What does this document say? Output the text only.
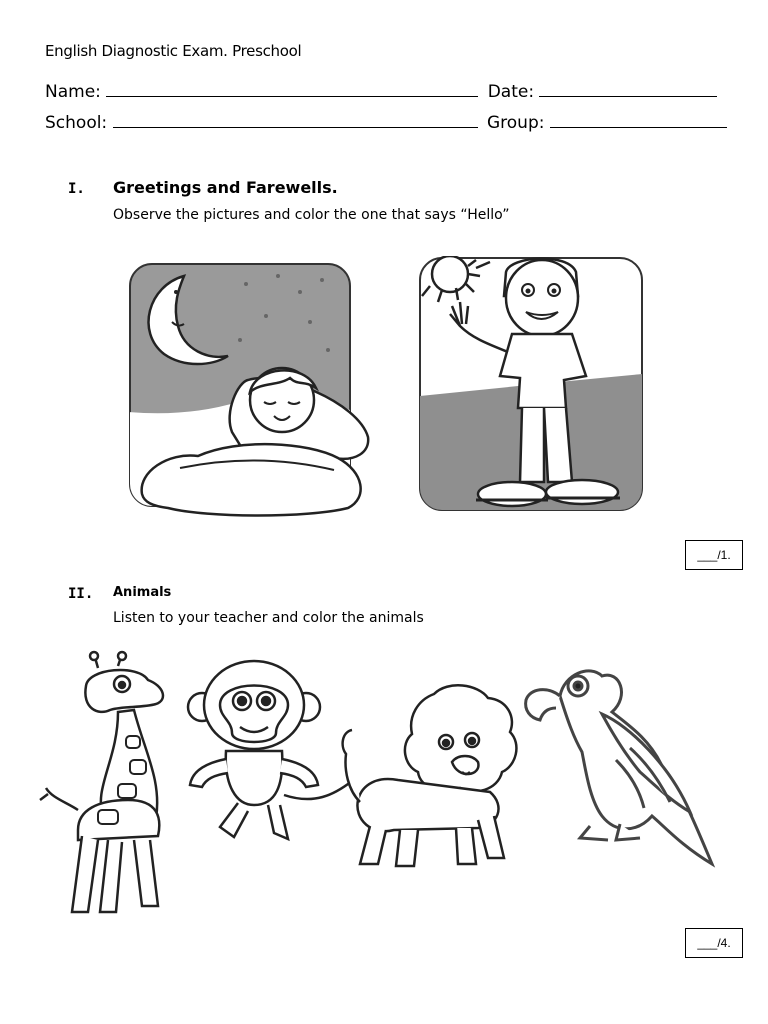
English Diagnostic Exam. Preschool
Name:	Date:
School:	Group:
I. Greetings and Farewells.
Observe the pictures and color the one that says “Hello”
___/1.
II. Animals
Listen to your teacher and color the animals
___/4.
